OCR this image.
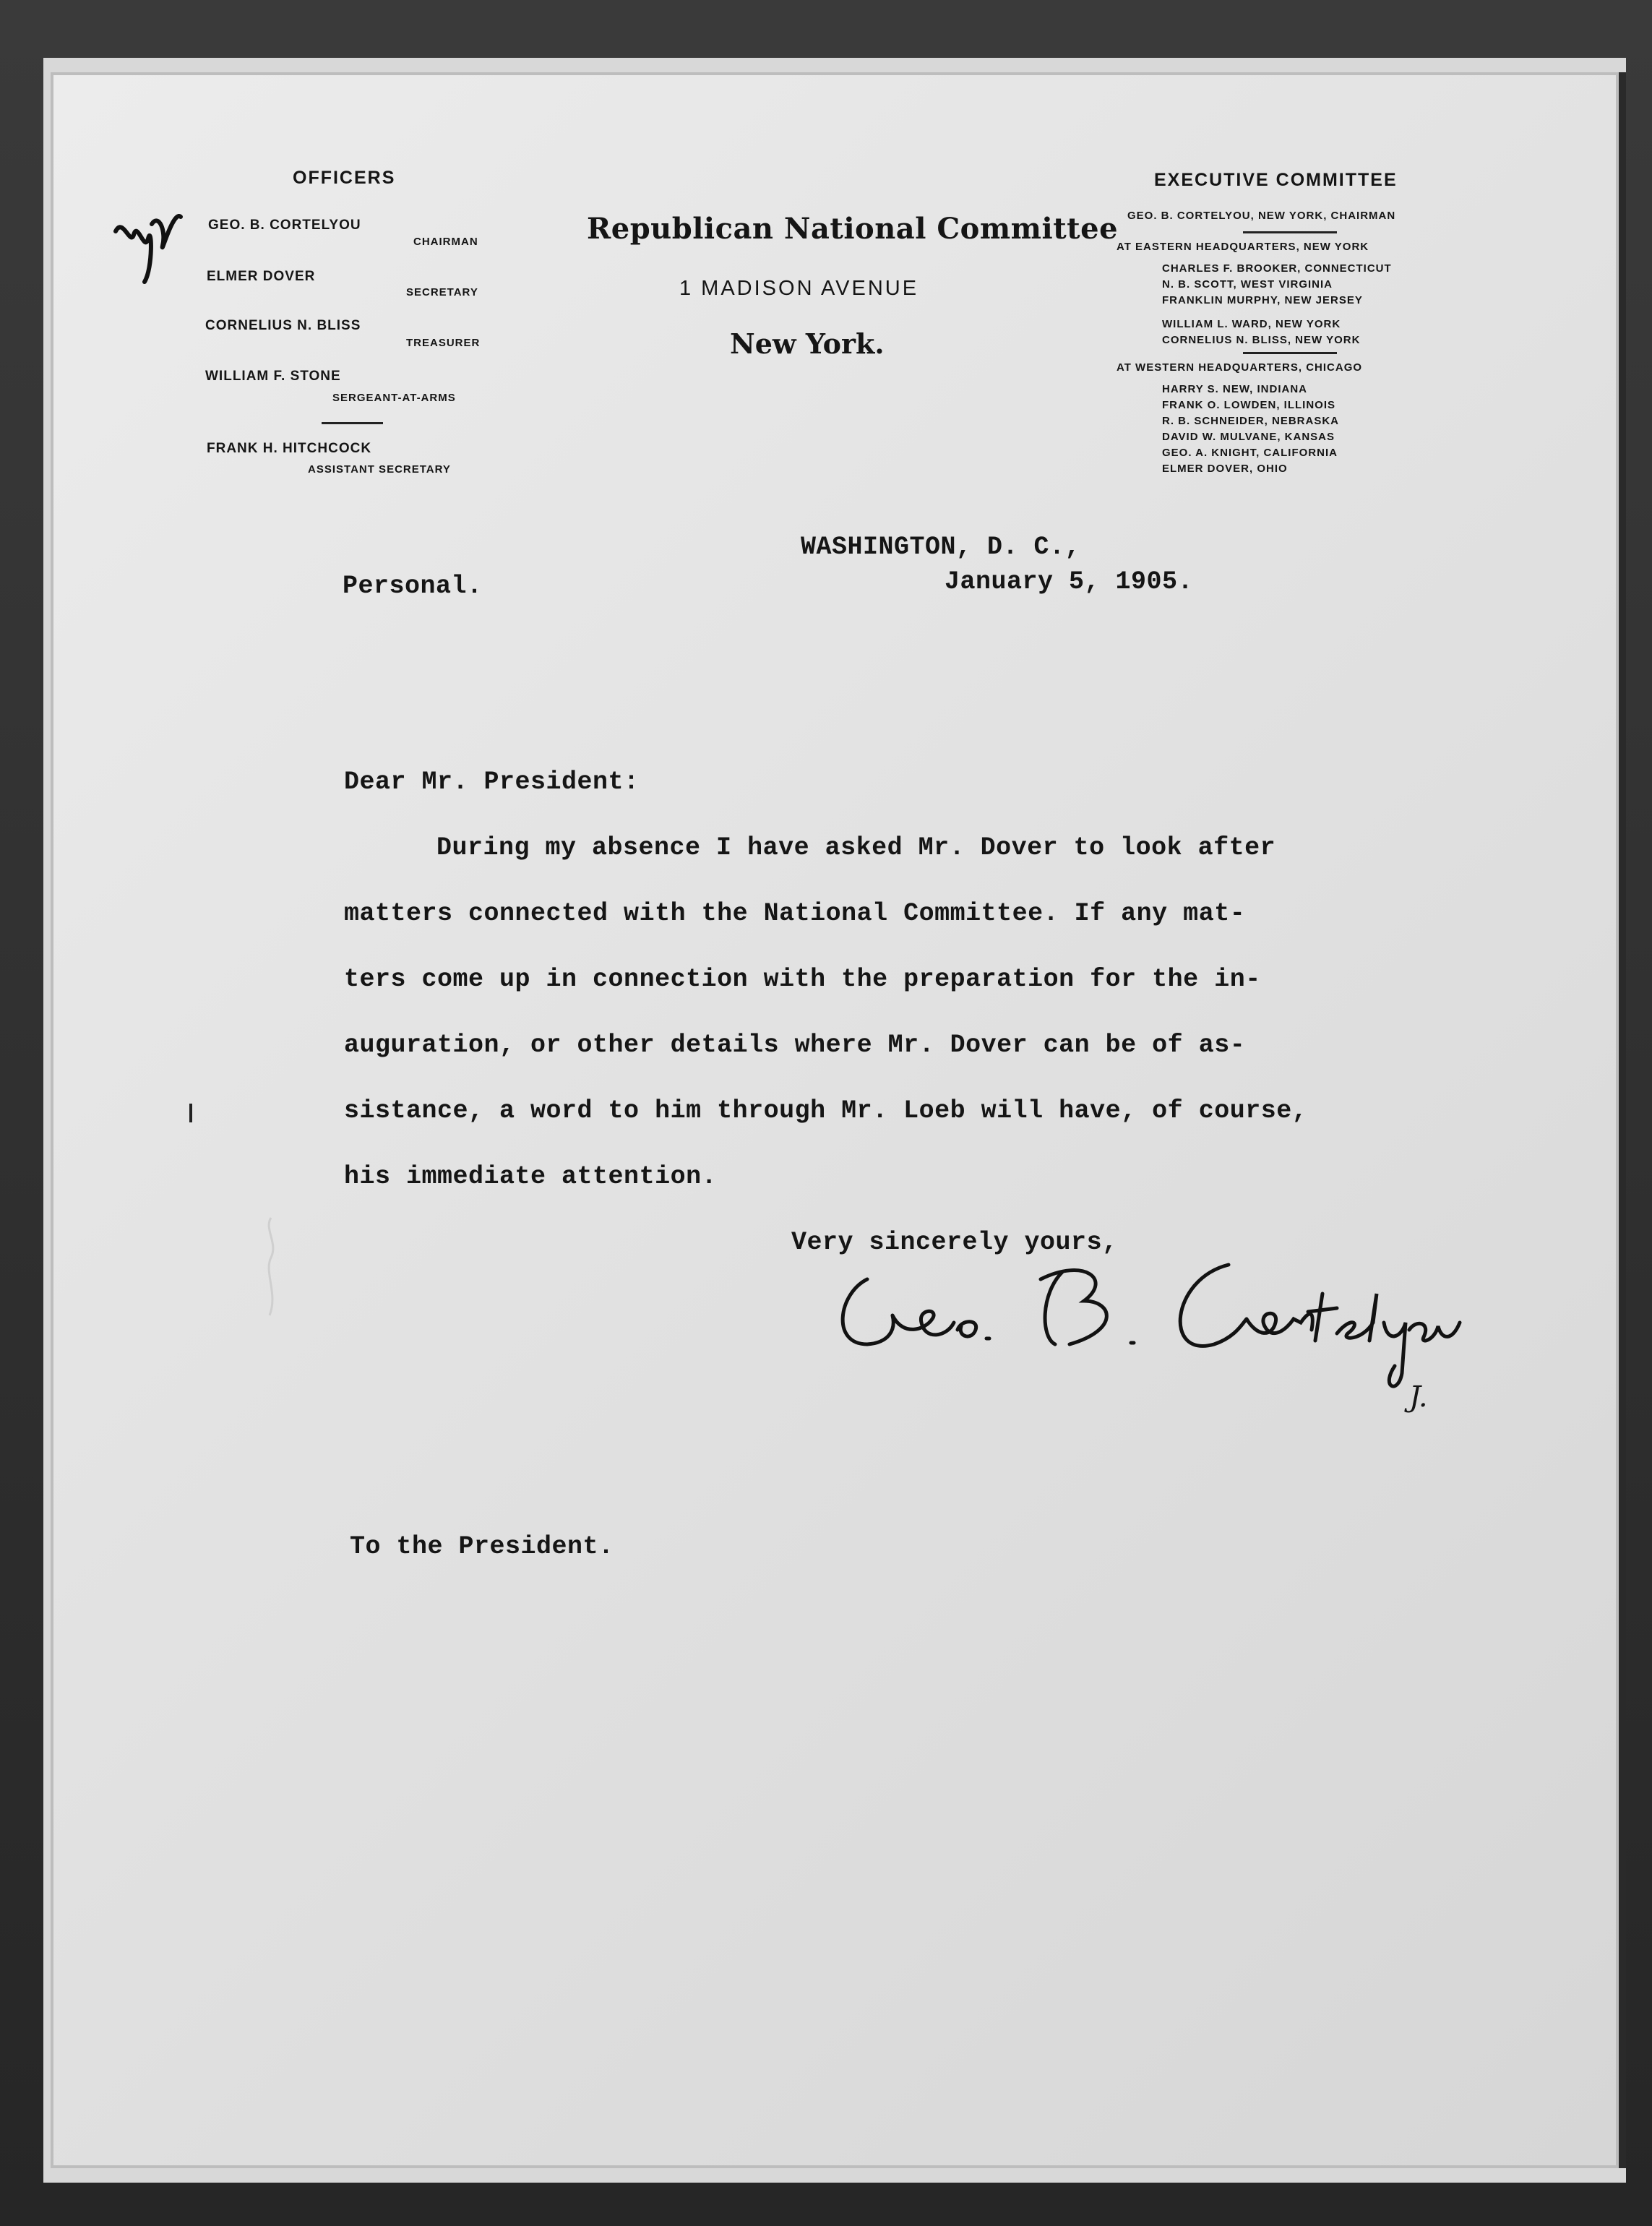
OFFICERS
GEO. B. CORTELYOU
CHAIRMAN
ELMER DOVER
SECRETARY
CORNELIUS N. BLISS
TREASURER
WILLIAM F. STONE
SERGEANT-AT-ARMS
FRANK H. HITCHCOCK
ASSISTANT SECRETARY
Republican National Committee
1 MADISON AVENUE
New York.
EXECUTIVE COMMITTEE
GEO. B. CORTELYOU, NEW YORK, CHAIRMAN
AT EASTERN HEADQUARTERS, NEW YORK
CHARLES F. BROOKER, CONNECTICUT
N. B. SCOTT, WEST VIRGINIA
FRANKLIN MURPHY, NEW JERSEY
WILLIAM L. WARD, NEW YORK
CORNELIUS N. BLISS, NEW YORK
AT WESTERN HEADQUARTERS, CHICAGO
HARRY S. NEW, INDIANA
FRANK O. LOWDEN, ILLINOIS
R. B. SCHNEIDER, NEBRASKA
DAVID W. MULVANE, KANSAS
GEO. A. KNIGHT, CALIFORNIA
ELMER DOVER, OHIO
WASHINGTON, D. C.,
January 5, 1905.
Personal.
Dear Mr. President:
During my absence I have asked Mr. Dover to look after
matters connected with the National Committee. If any mat-
ters come up in connection with the preparation for the in-
auguration, or other details where Mr. Dover can be of as-
sistance, a word to him through Mr. Loeb will have, of course,
his immediate attention.
Very sincerely yours,
J.
To the President.
